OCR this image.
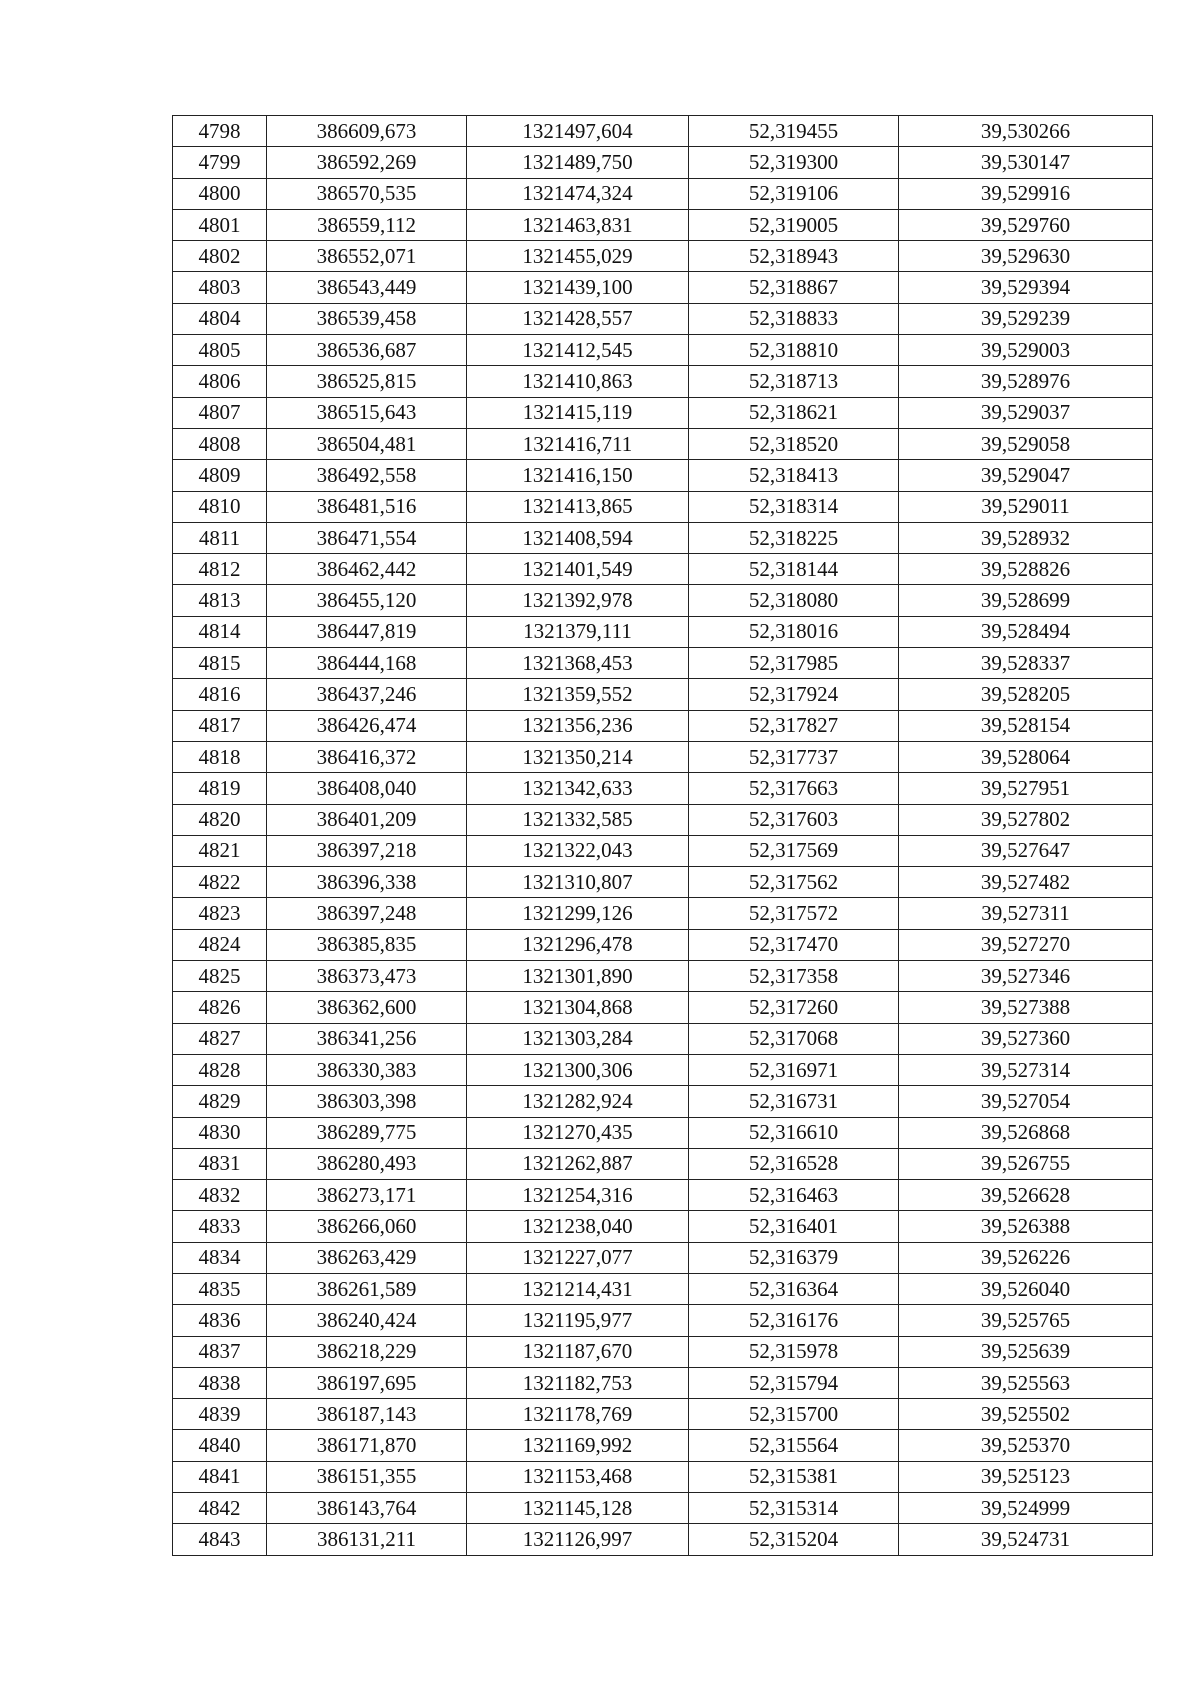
4798	386609,673	1321497,604	52,319455	39,530266
4799	386592,269	1321489,750	52,319300	39,530147
4800	386570,535	1321474,324	52,319106	39,529916
4801	386559,112	1321463,831	52,319005	39,529760
4802	386552,071	1321455,029	52,318943	39,529630
4803	386543,449	1321439,100	52,318867	39,529394
4804	386539,458	1321428,557	52,318833	39,529239
4805	386536,687	1321412,545	52,318810	39,529003
4806	386525,815	1321410,863	52,318713	39,528976
4807	386515,643	1321415,119	52,318621	39,529037
4808	386504,481	1321416,711	52,318520	39,529058
4809	386492,558	1321416,150	52,318413	39,529047
4810	386481,516	1321413,865	52,318314	39,529011
4811	386471,554	1321408,594	52,318225	39,528932
4812	386462,442	1321401,549	52,318144	39,528826
4813	386455,120	1321392,978	52,318080	39,528699
4814	386447,819	1321379,111	52,318016	39,528494
4815	386444,168	1321368,453	52,317985	39,528337
4816	386437,246	1321359,552	52,317924	39,528205
4817	386426,474	1321356,236	52,317827	39,528154
4818	386416,372	1321350,214	52,317737	39,528064
4819	386408,040	1321342,633	52,317663	39,527951
4820	386401,209	1321332,585	52,317603	39,527802
4821	386397,218	1321322,043	52,317569	39,527647
4822	386396,338	1321310,807	52,317562	39,527482
4823	386397,248	1321299,126	52,317572	39,527311
4824	386385,835	1321296,478	52,317470	39,527270
4825	386373,473	1321301,890	52,317358	39,527346
4826	386362,600	1321304,868	52,317260	39,527388
4827	386341,256	1321303,284	52,317068	39,527360
4828	386330,383	1321300,306	52,316971	39,527314
4829	386303,398	1321282,924	52,316731	39,527054
4830	386289,775	1321270,435	52,316610	39,526868
4831	386280,493	1321262,887	52,316528	39,526755
4832	386273,171	1321254,316	52,316463	39,526628
4833	386266,060	1321238,040	52,316401	39,526388
4834	386263,429	1321227,077	52,316379	39,526226
4835	386261,589	1321214,431	52,316364	39,526040
4836	386240,424	1321195,977	52,316176	39,525765
4837	386218,229	1321187,670	52,315978	39,525639
4838	386197,695	1321182,753	52,315794	39,525563
4839	386187,143	1321178,769	52,315700	39,525502
4840	386171,870	1321169,992	52,315564	39,525370
4841	386151,355	1321153,468	52,315381	39,525123
4842	386143,764	1321145,128	52,315314	39,524999
4843	386131,211	1321126,997	52,315204	39,524731
